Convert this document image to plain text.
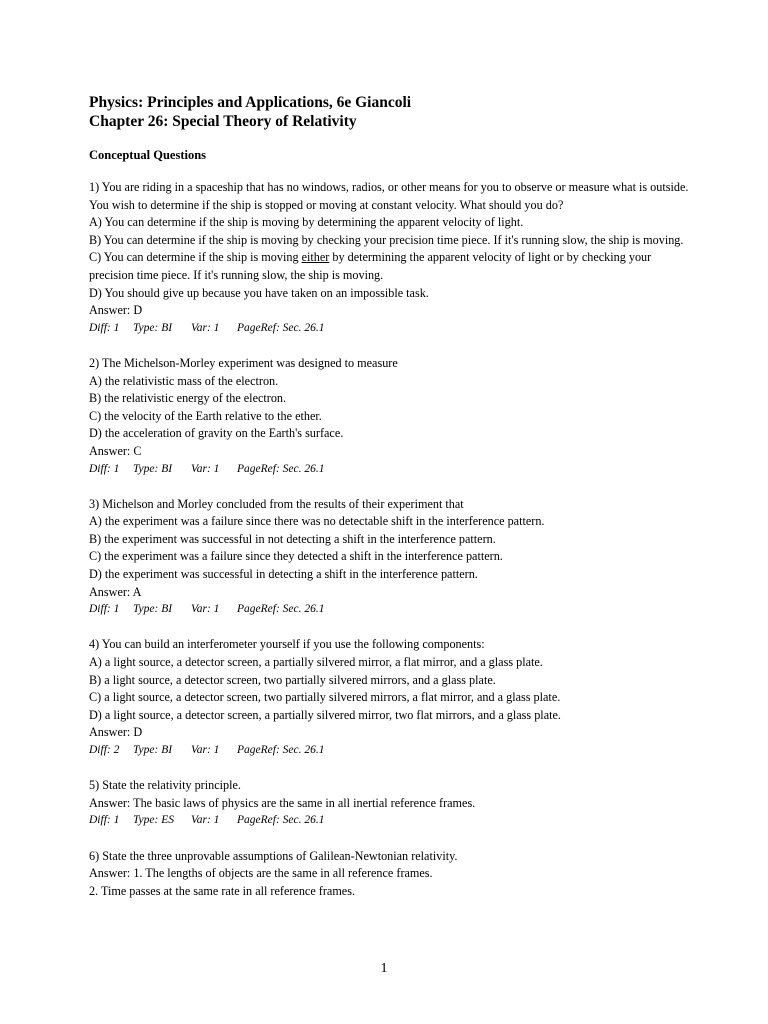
Physics: Principles and Applications, 6e Giancoli
Chapter 26: Special Theory of Relativity
Conceptual Questions

1) You are riding in a spaceship that has no windows, radios, or other means for you to observe or measure what is outside. You wish to determine if the ship is stopped or moving at constant velocity. What should you do?

A) You can determine if the ship is moving by determining the apparent velocity of light.

B) You can determine if the ship is moving by checking your precision time piece. If it's running slow, the ship is moving.

C) You can determine if the ship is moving either by determining the apparent velocity of light or by checking your precision time piece. If it's running slow, the ship is moving.

D) You should give up because you have taken on an impossible task.

Answer: D

Diff: 1 Type: BI Var: 1 PageRef: Sec. 26.1

2) The Michelson-Morley experiment was designed to measure

A) the relativistic mass of the electron.

B) the relativistic energy of the electron.

C) the velocity of the Earth relative to the ether.

D) the acceleration of gravity on the Earth's surface.

Answer: C

Diff: 1 Type: BI Var: 1 PageRef: Sec. 26.1

3) Michelson and Morley concluded from the results of their experiment that

A) the experiment was a failure since there was no detectable shift in the interference pattern.

B) the experiment was successful in not detecting a shift in the interference pattern.

C) the experiment was a failure since they detected a shift in the interference pattern.

D) the experiment was successful in detecting a shift in the interference pattern.

Answer: A

Diff: 1 Type: BI Var: 1 PageRef: Sec. 26.1

4) You can build an interferometer yourself if you use the following components:

A) a light source, a detector screen, a partially silvered mirror, a flat mirror, and a glass plate.

B) a light source, a detector screen, two partially silvered mirrors, and a glass plate.

C) a light source, a detector screen, two partially silvered mirrors, a flat mirror, and a glass plate.

D) a light source, a detector screen, a partially silvered mirror, two flat mirrors, and a glass plate.

Answer: D

Diff: 2 Type: BI Var: 1 PageRef: Sec. 26.1

5) State the relativity principle.

Answer: The basic laws of physics are the same in all inertial reference frames.

Diff: 1 Type: ES Var: 1 PageRef: Sec. 26.1

6) State the three unprovable assumptions of Galilean-Newtonian relativity.

Answer: 1. The lengths of objects are the same in all reference frames.

2. Time passes at the same rate in all reference frames.

1
